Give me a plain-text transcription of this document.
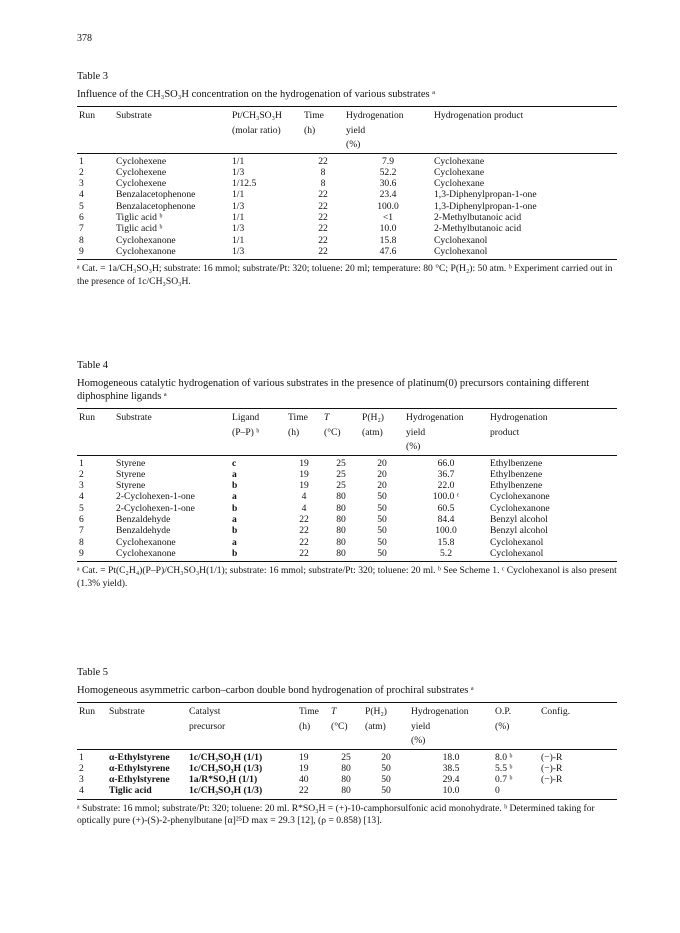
378
Table 3
Influence of the CH₃SO₃H concentration on the hydrogenation of various substrates ᵃ
Run	Substrate	Pt/CH₃SO₃H	Time	Hydrogenation	Hydrogenation product
		(molar ratio)	(h)	yield	
				(%)	
1	Cyclohexene	1/1	22	7.9	Cyclohexane
2	Cyclohexene	1/3	8	52.2	Cyclohexane
3	Cyclohexene	1/12.5	8	30.6	Cyclohexane
4	Benzalacetophenone	1/1	22	23.4	1,3-Diphenylpropan-1-one
5	Benzalacetophenone	1/3	22	100.0	1,3-Diphenylpropan-1-one
6	Tiglic acid ᵇ	1/1	22	<1	2-Methylbutanoic acid
7	Tiglic acid ᵇ	1/3	22	10.0	2-Methylbutanoic acid
8	Cyclohexanone	1/1	22	15.8	Cyclohexanol
9	Cyclohexanone	1/3	22	47.6	Cyclohexanol
ᵃ Cat. = 1a/CH₃SO₃H; substrate: 16 mmol; substrate/Pt: 320; toluene: 20 ml; temperature: 80 °C; P(H₂): 50 atm. ᵇ Experiment carried out in the presence of 1c/CH₃SO₃H.
Table 4
Homogeneous catalytic hydrogenation of various substrates in the presence of platinum(0) precursors containing different diphosphine ligands ᵃ
Run	Substrate	Ligand	Time	T	P(H₂)	Hydrogenation	Hydrogenation
		(P–P) ᵇ	(h)	(°C)	(atm)	yield	product
						(%)	
1	Styrene	c	19	25	20	66.0	Ethylbenzene
2	Styrene	a	19	25	20	36.7	Ethylbenzene
3	Styrene	b	19	25	20	22.0	Ethylbenzene
4	2-Cyclohexen-1-one	a	4	80	50	100.0 ᶜ	Cyclohexanone
5	2-Cyclohexen-1-one	b	4	80	50	60.5	Cyclohexanone
6	Benzaldehyde	a	22	80	50	84.4	Benzyl alcohol
7	Benzaldehyde	b	22	80	50	100.0	Benzyl alcohol
8	Cyclohexanone	a	22	80	50	15.8	Cyclohexanol
9	Cyclohexanone	b	22	80	50	5.2	Cyclohexanol
ᵃ Cat. = Pt(C₂H₄)(P–P)/CH₃SO₃H(1/1); substrate: 16 mmol; substrate/Pt: 320; toluene: 20 ml. ᵇ See Scheme 1. ᶜ Cyclohexanol is also present (1.3% yield).
Table 5
Homogeneous asymmetric carbon–carbon double bond hydrogenation of prochiral substrates ᵃ
Run	Substrate	Catalyst	Time	T	P(H₂)	Hydrogenation	O.P.	Config.
		precursor	(h)	(°C)	(atm)	yield	(%)	
						(%)		
1	α-Ethylstyrene	1c/CH₃SO₃H (1/1)	19	25	20	18.0	8.0 ᵇ	(−)-R
2	α-Ethylstyrene	1c/CH₃SO₃H (1/3)	19	80	50	38.5	5.5 ᵇ	(−)-R
3	α-Ethylstyrene	1a/R*SO₃H (1/1)	40	80	50	29.4	0.7 ᵇ	(−)-R
4	Tiglic acid	1c/CH₃SO₃H (1/3)	22	80	50	10.0	0	
ᵃ Substrate: 16 mmol; substrate/Pt: 320; toluene: 20 ml. R*SO₃H = (+)-10-camphorsulfonic acid monohydrate. ᵇ Determined taking for optically pure (+)-(S)-2-phenylbutane [α]²⁵D max = 29.3 [12], (ρ = 0.858) [13].
